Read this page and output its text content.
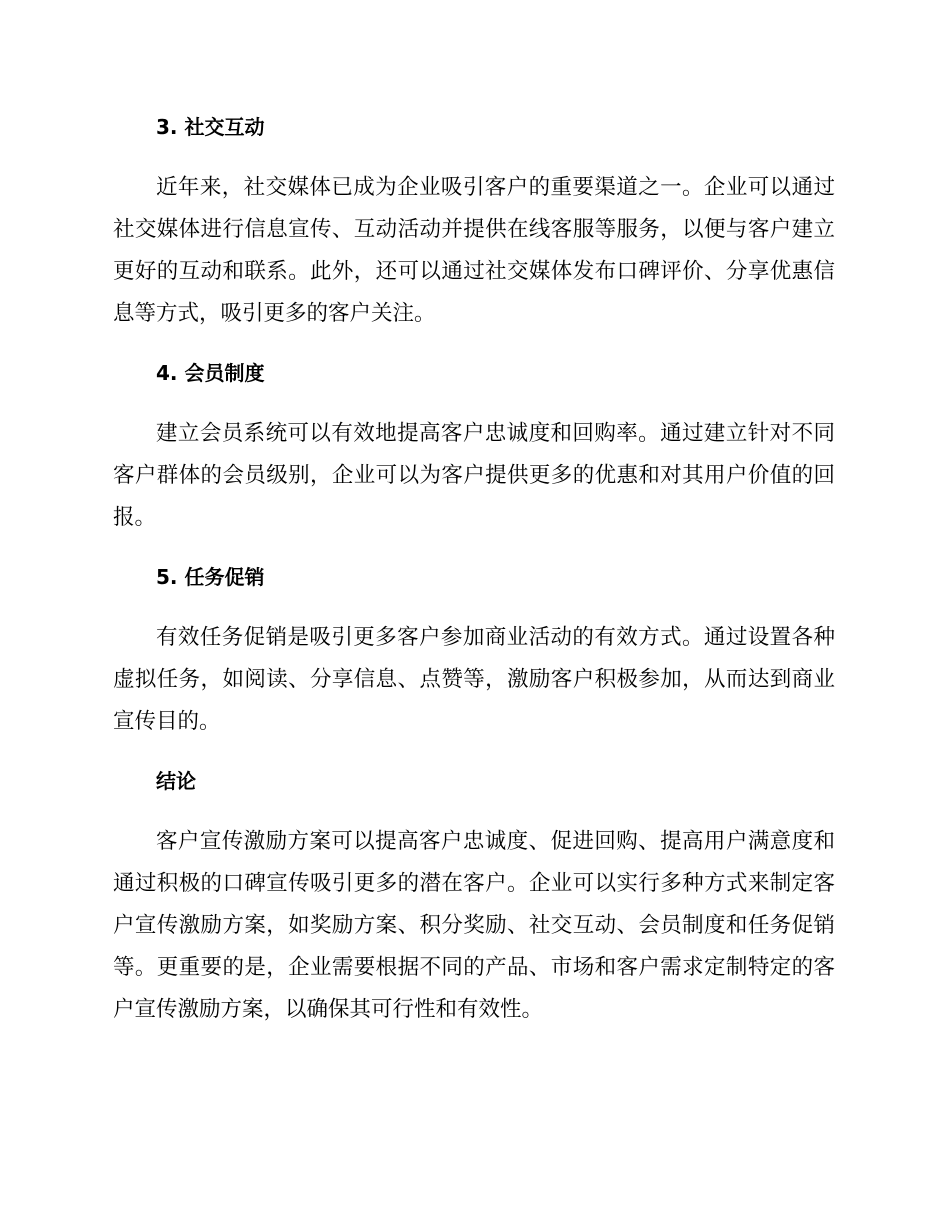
3. 社交互动

近年来，社交媒体已成为企业吸引客户的重要渠道之一。企业可以通过社交媒体进行信息宣传、互动活动并提供在线客服等服务，以便与客户建立更好的互动和联系。此外，还可以通过社交媒体发布口碑评价、分享优惠信息等方式，吸引更多的客户关注。

4. 会员制度

建立会员系统可以有效地提高客户忠诚度和回购率。通过建立针对不同客户群体的会员级别，企业可以为客户提供更多的优惠和对其用户价值的回报。

5. 任务促销

有效任务促销是吸引更多客户参加商业活动的有效方式。通过设置各种虚拟任务，如阅读、分享信息、点赞等，激励客户积极参加，从而达到商业宣传目的。

结论

客户宣传激励方案可以提高客户忠诚度、促进回购、提高用户满意度和通过积极的口碑宣传吸引更多的潜在客户。企业可以实行多种方式来制定客户宣传激励方案，如奖励方案、积分奖励、社交互动、会员制度和任务促销等。更重要的是，企业需要根据不同的产品、市场和客户需求定制特定的客户宣传激励方案，以确保其可行性和有效性。
